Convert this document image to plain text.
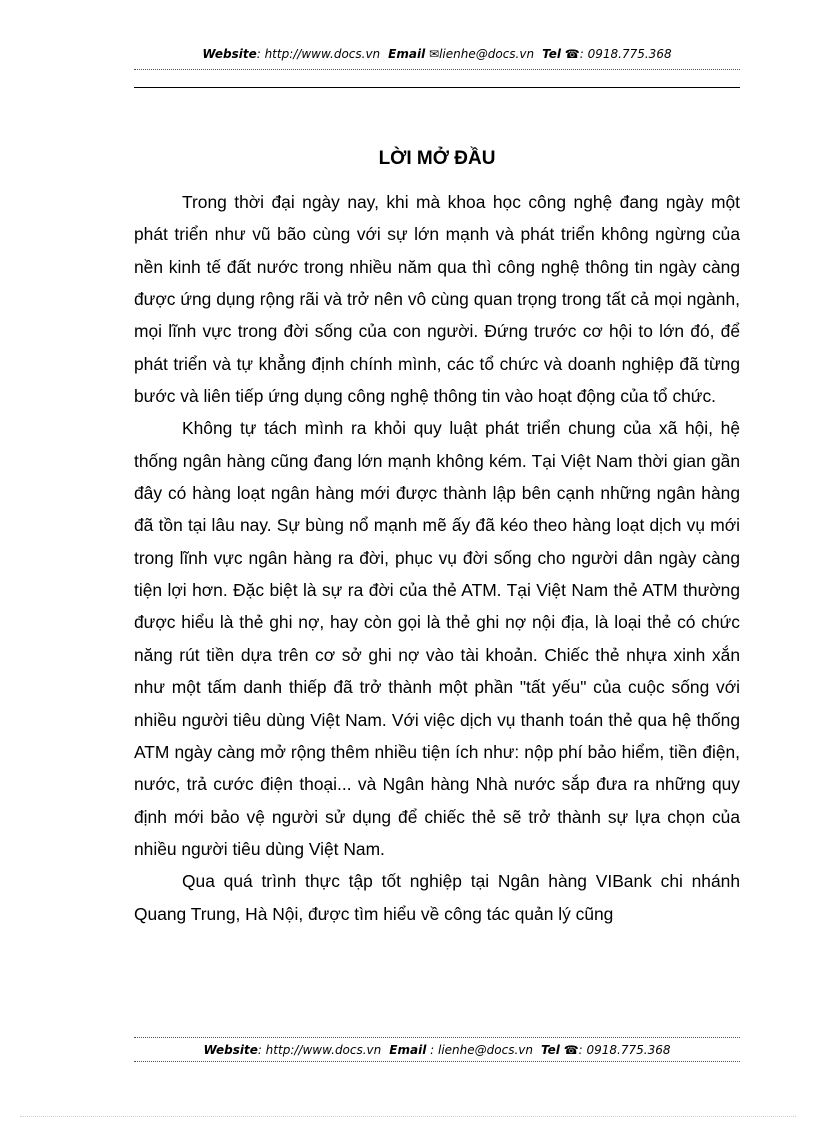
Website: http://www.docs.vn Email ✉lienhe@docs.vn Tel ☎: 0918.775.368
LỜI MỞ ĐẦU

Trong thời đại ngày nay, khi mà khoa học công nghệ đang ngày một phát triển như vũ bão cùng với sự lớn mạnh và phát triển không ngừng của nền kinh tế đất nước trong nhiều năm qua thì công nghệ thông tin ngày càng được ứng dụng rộng rãi và trở nên vô cùng quan trọng trong tất cả mọi ngành, mọi lĩnh vực trong đời sống của con người. Đứng trước cơ hội to lớn đó, để phát triển và tự khẳng định chính mình, các tổ chức và doanh nghiệp đã từng bước và liên tiếp ứng dụng công nghệ thông tin vào hoạt động của tổ chức.

Không tự tách mình ra khỏi quy luật phát triển chung của xã hội, hệ thống ngân hàng cũng đang lớn mạnh không kém. Tại Việt Nam thời gian gần đây có hàng loạt ngân hàng mới được thành lập bên cạnh những ngân hàng đã tồn tại lâu nay. Sự bùng nổ mạnh mẽ ấy đã kéo theo hàng loạt dịch vụ mới trong lĩnh vực ngân hàng ra đời, phục vụ đời sống cho người dân ngày càng tiện lợi hơn. Đặc biệt là sự ra đời của thẻ ATM. Tại Việt Nam thẻ ATM thường được hiểu là thẻ ghi nợ, hay còn gọi là thẻ ghi nợ nội địa, là loại thẻ có chức năng rút tiền dựa trên cơ sở ghi nợ vào tài khoản. Chiếc thẻ nhựa xinh xắn như một tấm danh thiếp đã trở thành một phần "tất yếu" của cuộc sống với nhiều người tiêu dùng Việt Nam. Với việc dịch vụ thanh toán thẻ qua hệ thống ATM ngày càng mở rộng thêm nhiều tiện ích như: nộp phí bảo hiểm, tiền điện, nước, trả cước điện thoại... và Ngân hàng Nhà nước sắp đưa ra những quy định mới bảo vệ người sử dụng để chiếc thẻ sẽ trở thành sự lựa chọn của nhiều người tiêu dùng Việt Nam.

Qua quá trình thực tập tốt nghiệp tại Ngân hàng VIBank chi nhánh Quang Trung, Hà Nội, được tìm hiểu về công tác quản lý cũng

Website: http://www.docs.vn Email : lienhe@docs.vn Tel ☎: 0918.775.368
